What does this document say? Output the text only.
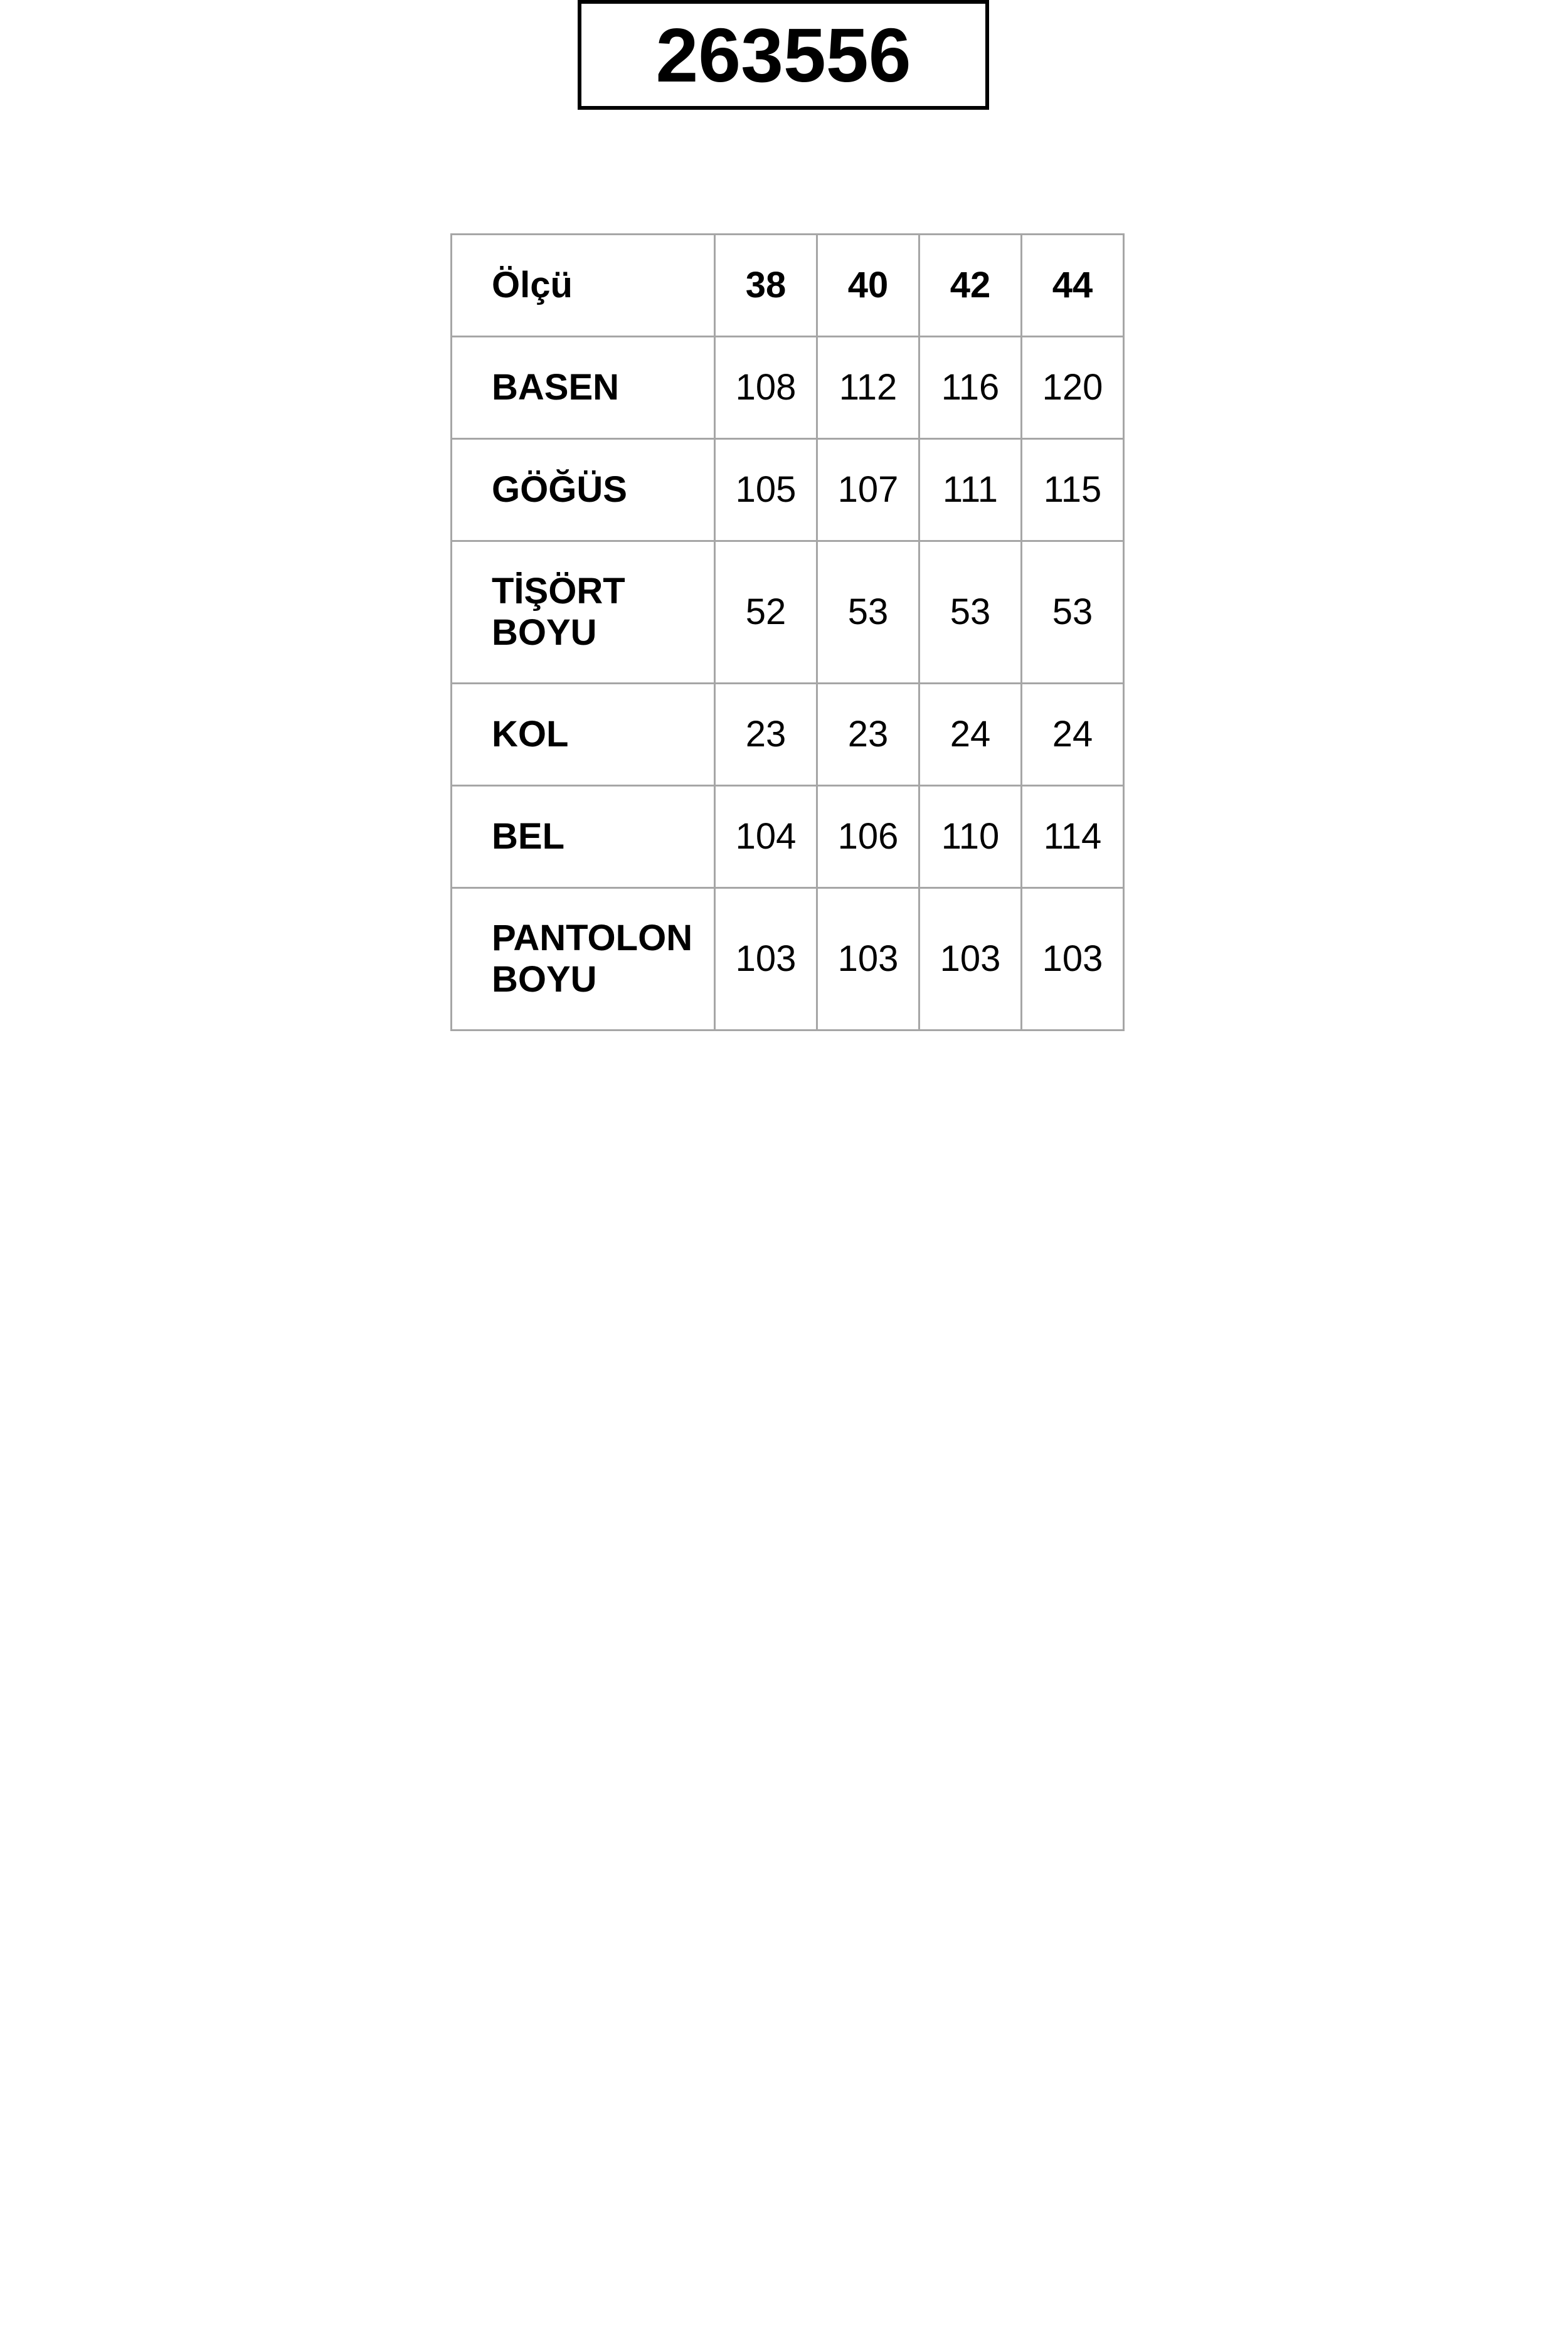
263556
Ölçü	38	40	42	44
BASEN	108	112	116	120
GÖĞÜS	105	107	111	115
TİŞÖRT
BOYU	52	53	53	53
KOL	23	23	24	24
BEL	104	106	110	114
PANTOLON
BOYU	103	103	103	103
